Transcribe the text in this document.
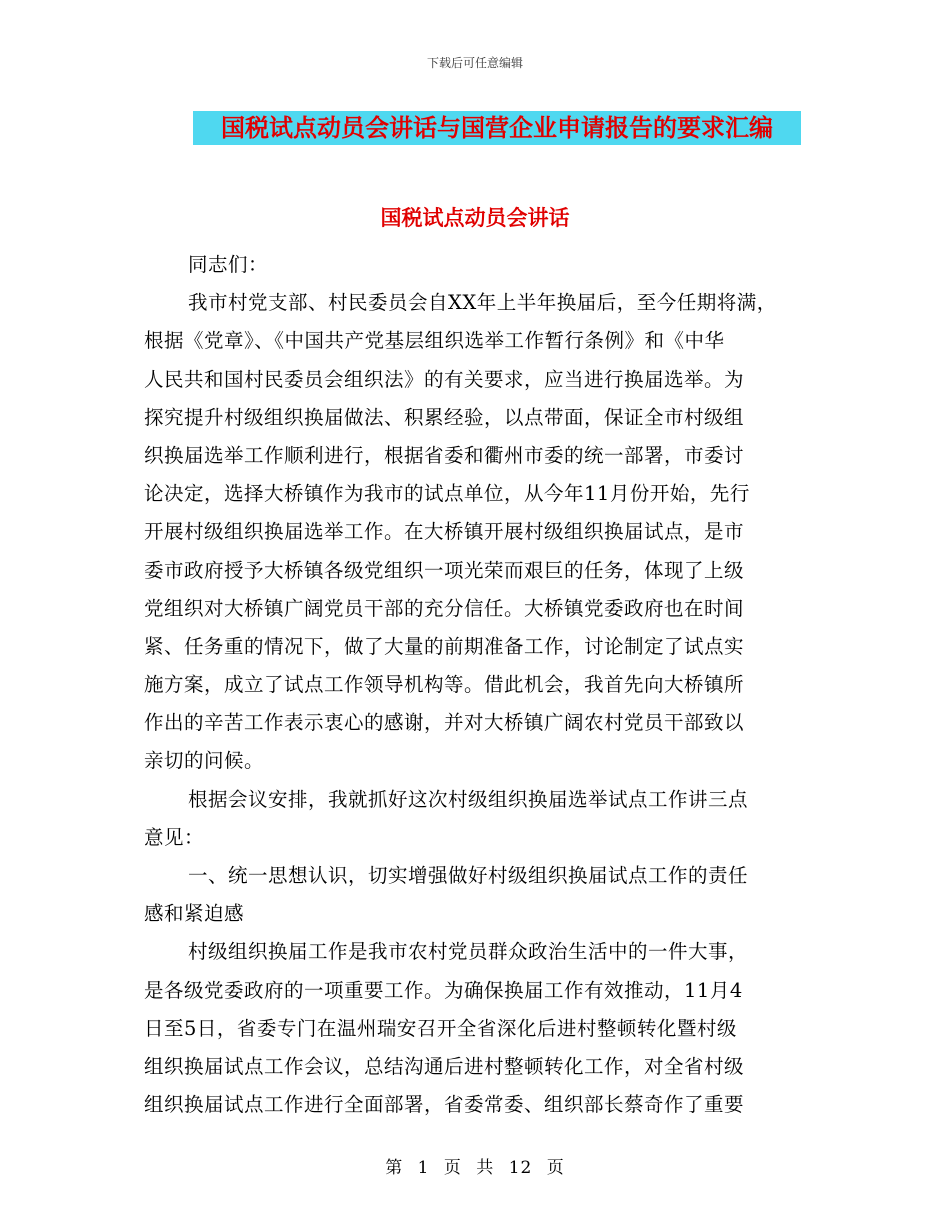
下载后可任意编辑
国税试点动员会讲话与国营企业申请报告的要求汇编
国税试点动员会讲话
同志们：
我市村党支部、村民委员会自XX年上半年换届后，至今任期将满，
根据《党章》、《中国共产党基层组织选举工作暂行条例》和《中华
人民共和国村民委员会组织法》的有关要求，应当进行换届选举。为
探究提升村级组织换届做法、积累经验，以点带面，保证全市村级组
织换届选举工作顺利进行，根据省委和衢州市委的统一部署，市委讨
论决定，选择大桥镇作为我市的试点单位，从今年11月份开始，先行
开展村级组织换届选举工作。在大桥镇开展村级组织换届试点，是市
委市政府授予大桥镇各级党组织一项光荣而艰巨的任务，体现了上级
党组织对大桥镇广阔党员干部的充分信任。大桥镇党委政府也在时间
紧、任务重的情况下，做了大量的前期准备工作，讨论制定了试点实
施方案，成立了试点工作领导机构等。借此机会，我首先向大桥镇所
作出的辛苦工作表示衷心的感谢，并对大桥镇广阔农村党员干部致以
亲切的问候。
根据会议安排，我就抓好这次村级组织换届选举试点工作讲三点
意见：
一、统一思想认识，切实增强做好村级组织换届试点工作的责任
感和紧迫感
村级组织换届工作是我市农村党员群众政治生活中的一件大事，
是各级党委政府的一项重要工作。为确保换届工作有效推动，11月4
日至5日，省委专门在温州瑞安召开全省深化后进村整顿转化暨村级
组织换届试点工作会议，总结沟通后进村整顿转化工作，对全省村级
组织换届试点工作进行全面部署，省委常委、组织部长蔡奇作了重要
第 1 页 共 12 页
